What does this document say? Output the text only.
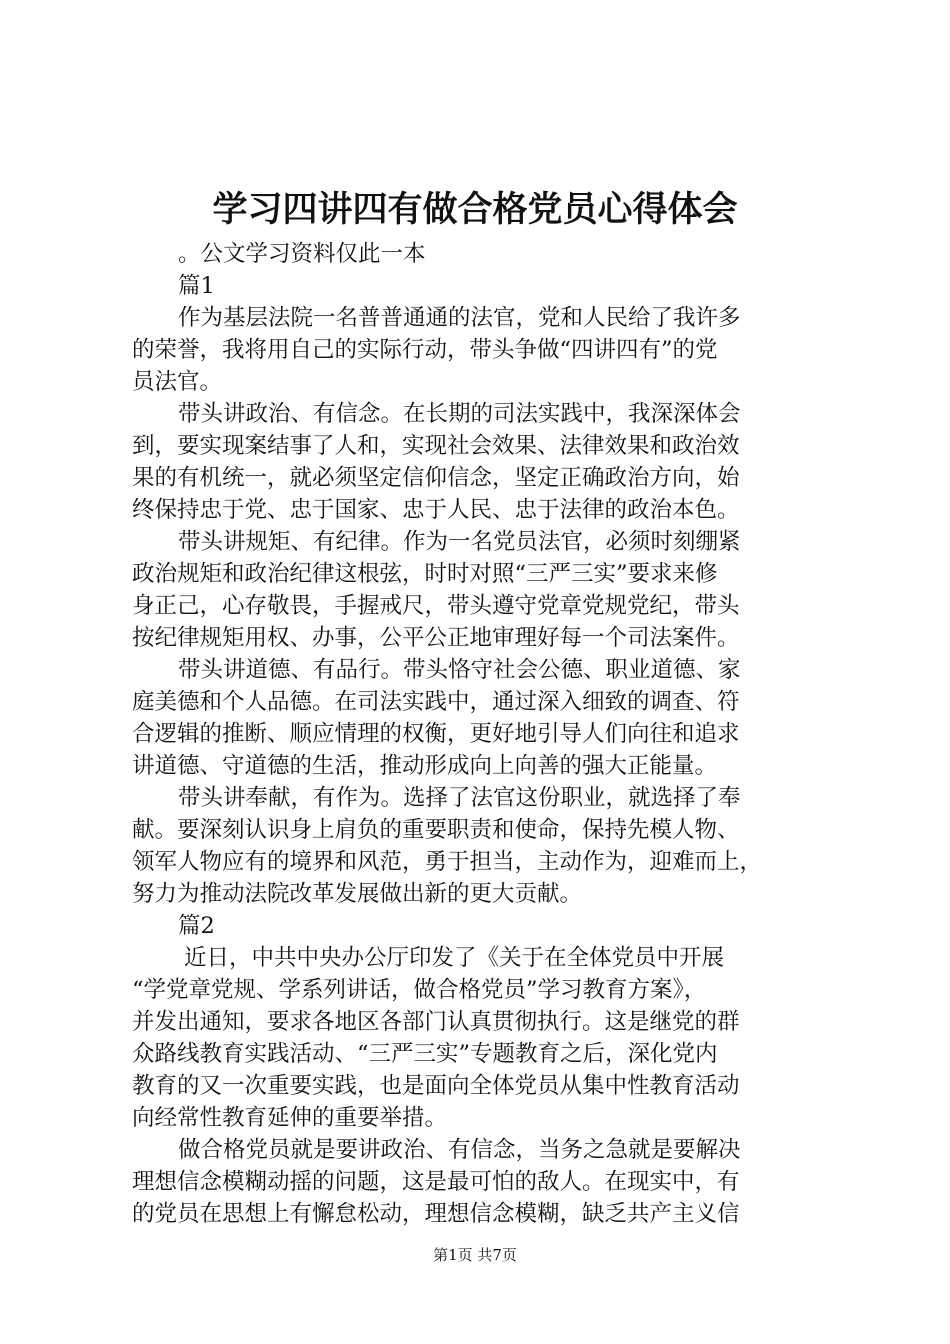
学习四讲四有做合格党员心得体会
。公文学习资料仅此一本
篇1
作为基层法院一名普普通通的法官，党和人民给了我许多
的荣誉，我将用自己的实际行动，带头争做“四讲四有”的党
员法官。
带头讲政治、有信念。在长期的司法实践中，我深深体会
到，要实现案结事了人和，实现社会效果、法律效果和政治效
果的有机统一，就必须坚定信仰信念，坚定正确政治方向，始
终保持忠于党、忠于国家、忠于人民、忠于法律的政治本色。
带头讲规矩、有纪律。作为一名党员法官，必须时刻绷紧
政治规矩和政治纪律这根弦，时时对照“三严三实”要求来修
身正己，心存敬畏，手握戒尺，带头遵守党章党规党纪，带头
按纪律规矩用权、办事，公平公正地审理好每一个司法案件。
带头讲道德、有品行。带头恪守社会公德、职业道德、家
庭美德和个人品德。在司法实践中，通过深入细致的调查、符
合逻辑的推断、顺应情理的权衡，更好地引导人们向往和追求
讲道德、守道德的生活，推动形成向上向善的强大正能量。
带头讲奉献，有作为。选择了法官这份职业，就选择了奉
献。要深刻认识身上肩负的重要职责和使命，保持先模人物、
领军人物应有的境界和风范，勇于担当，主动作为，迎难而上，
努力为推动法院改革发展做出新的更大贡献。
篇2
近日，中共中央办公厅印发了《关于在全体党员中开展
“学党章党规、学系列讲话，做合格党员”学习教育方案》，
并发出通知，要求各地区各部门认真贯彻执行。这是继党的群
众路线教育实践活动、“三严三实”专题教育之后，深化党内
教育的又一次重要实践，也是面向全体党员从集中性教育活动
向经常性教育延伸的重要举措。
做合格党员就是要讲政治、有信念，当务之急就是要解决
理想信念模糊动摇的问题，这是最可怕的敌人。在现实中，有
的党员在思想上有懈怠松动，理想信念模糊，缺乏共产主义信
第1页 共7页
